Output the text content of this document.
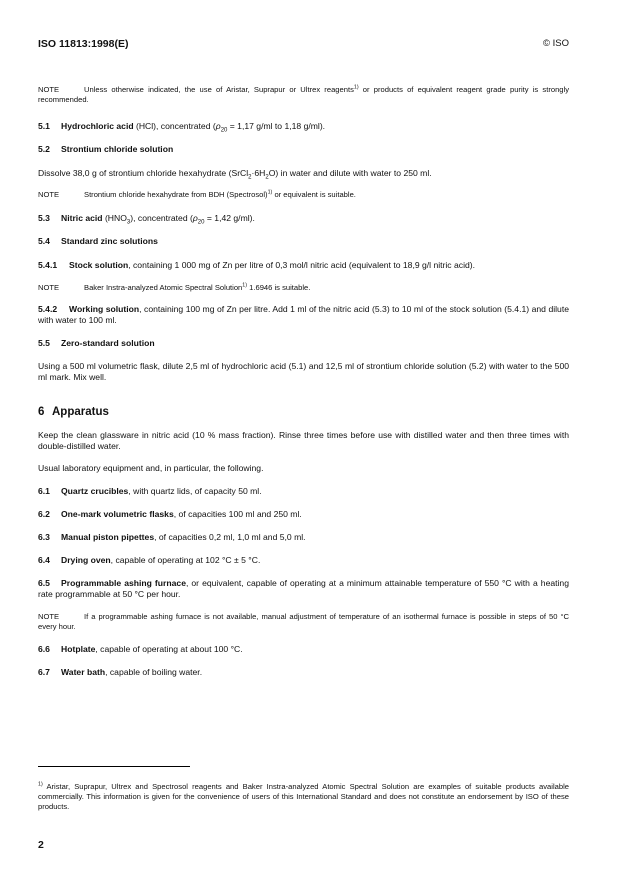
ISO 11813:1998(E)	© ISO

NOTE	Unless otherwise indicated, the use of Aristar, Suprapur or Ultrex reagents$^{1)}$ or products of equivalent reagent grade purity is strongly recommended.

5.1 Hydrochloric acid (HCl), concentrated ($\rho_{20} = 1,17$ g/ml to 1,18 g/ml).

5.2 Strontium chloride solution

Dissolve 38,0 g of strontium chloride hexahydrate $(SrCl_2\cdot 6H_2O)$ in water and dilute with water to 250 ml.

NOTE	Strontium chloride hexahydrate from BDH (Spectrosol)$^{1)}$ or equivalent is suitable.

5.3 Nitric acid $(HNO_3)$, concentrated ($\rho_{20} = 1,42$ g/ml).

5.4 Standard zinc solutions

5.4.1 Stock solution, containing 1 000 mg of Zn per litre of 0,3 mol/l nitric acid (equivalent to 18,9 g/l nitric acid).

NOTE	Baker Instra-analyzed Atomic Spectral Solution$^{1)}$ 1.6946 is suitable.

5.4.2 Working solution, containing 100 mg of Zn per litre. Add 1 ml of the nitric acid (5.3) to 10 ml of the stock solution (5.4.1) and dilute with water to 100 ml.

5.5 Zero-standard solution

Using a 500 ml volumetric flask, dilute 2,5 ml of hydrochloric acid (5.1) and 12,5 ml of strontium chloride solution (5.2) with water to the 500 ml mark. Mix well.

6 Apparatus

Keep the clean glassware in nitric acid (10 % mass fraction). Rinse three times before use with distilled water and then three times with double-distilled water.

Usual laboratory equipment and, in particular, the following.

6.1 Quartz crucibles, with quartz lids, of capacity 50 ml.

6.2 One-mark volumetric flasks, of capacities 100 ml and 250 ml.

6.3 Manual piston pipettes, of capacities 0,2 ml, 1,0 ml and 5,0 ml.

6.4 Drying oven, capable of operating at 102 °C ± 5 °C.

6.5 Programmable ashing furnace, or equivalent, capable of operating at a minimum attainable temperature of 550 °C with a heating rate programmable at 50 °C per hour.

NOTE	If a programmable ashing furnace is not available, manual adjustment of temperature of an isothermal furnace is possible in steps of 50 °C every hour.

6.6 Hotplate, capable of operating at about 100 °C.

6.7 Water bath, capable of boiling water.

$^{1)}$ Aristar, Suprapur, Ultrex and Spectrosol reagents and Baker Instra-analyzed Atomic Spectral Solution are examples of suitable products available commercially. This information is given for the convenience of users of this International Standard and does not constitute an endorsement by ISO of these products.

2
